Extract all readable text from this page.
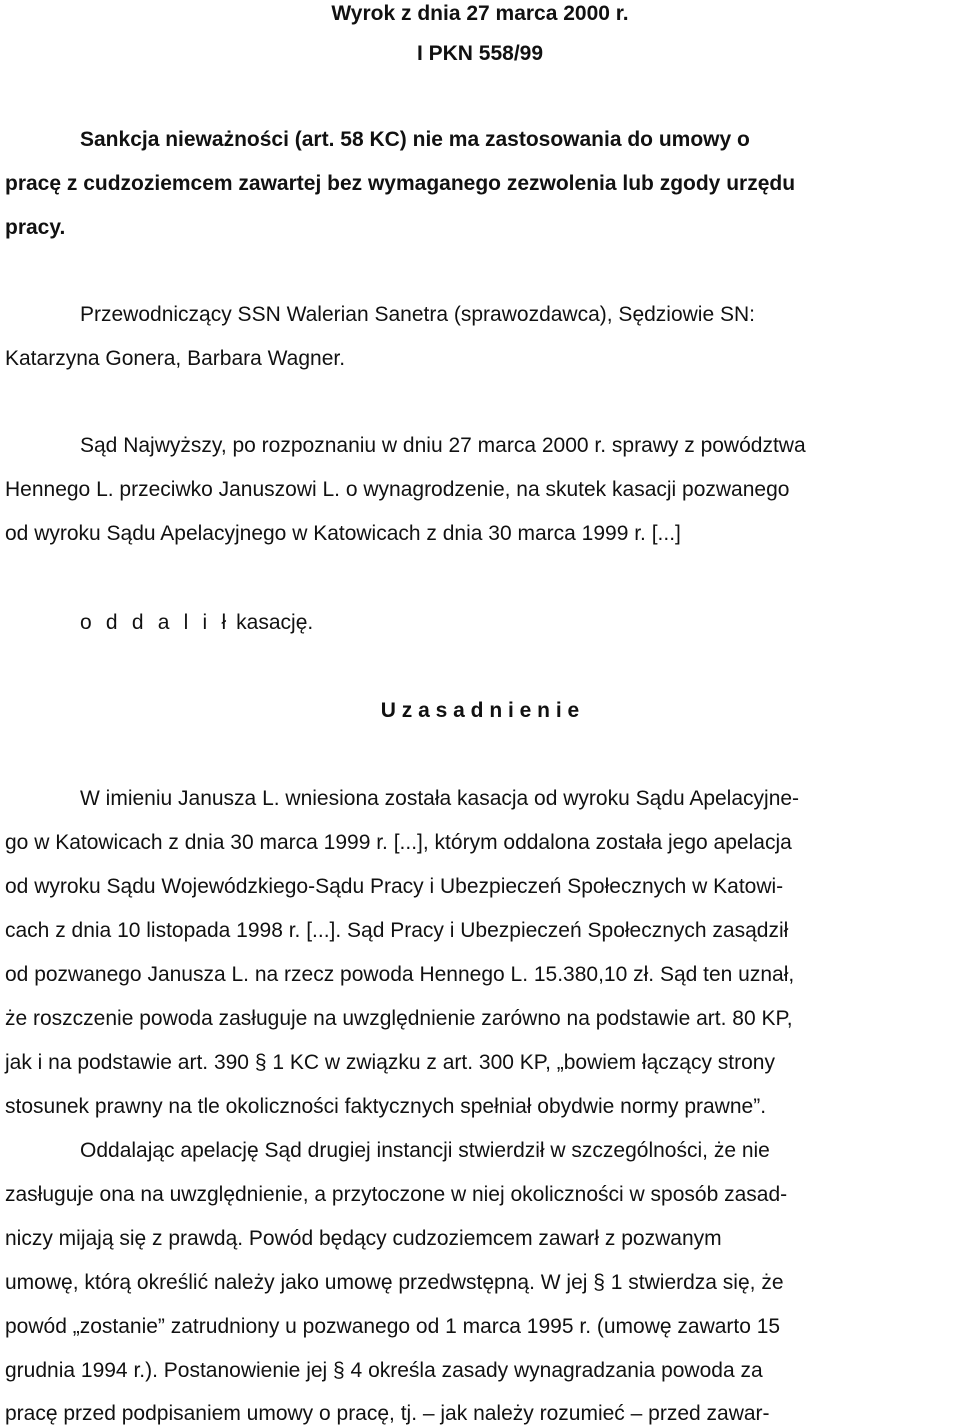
Wyrok z dnia 27 marca 2000 r.
I PKN 558/99
Sankcja nieważności (art. 58 KC) nie ma zastosowania do umowy o
pracę z cudzoziemcem zawartej bez wymaganego zezwolenia lub zgody urzędu
pracy.
Przewodniczący SSN Walerian Sanetra (sprawozdawca), Sędziowie SN:
Katarzyna Gonera, Barbara Wagner.
Sąd Najwyższy, po rozpoznaniu w dniu 27 marca 2000 r. sprawy z powództwa
Hennego L. przeciwko Januszowi L. o wynagrodzenie, na skutek kasacji pozwanego
od wyroku Sądu Apelacyjnego w Katowicach z dnia 30 marca 1999 r. [...]
o d d a l i ł kasację.
U z a s a d n i e n i e
W imieniu Janusza L. wniesiona została kasacja od wyroku Sądu Apelacyjne-
go w Katowicach z dnia 30 marca 1999 r. [...], którym oddalona została jego apelacja
od wyroku Sądu Wojewódzkiego-Sądu Pracy i Ubezpieczeń Społecznych w Katowi-
cach z dnia 10 listopada 1998 r. [...]. Sąd Pracy i Ubezpieczeń Społecznych zasądził
od pozwanego Janusza L. na rzecz powoda Hennego L. 15.380,10 zł. Sąd ten uznał,
że roszczenie powoda zasługuje na uwzględnienie zarówno na podstawie art. 80 KP,
jak i na podstawie art. 390 § 1 KC w związku z art. 300 KP, „bowiem łączący strony
stosunek prawny na tle okoliczności faktycznych spełniał obydwie normy prawne”.
Oddalając apelację Sąd drugiej instancji stwierdził w szczególności, że nie
zasługuje ona na uwzględnienie, a przytoczone w niej okoliczności w sposób zasad-
niczy mijają się z prawdą. Powód będący cudzoziemcem zawarł z pozwanym
umowę, którą określić należy jako umowę przedwstępną. W jej § 1 stwierdza się, że
powód „zostanie” zatrudniony u pozwanego od 1 marca 1995 r. (umowę zawarto 15
grudnia 1994 r.). Postanowienie jej § 4 określa zasady wynagradzania powoda za
pracę przed podpisaniem umowy o pracę, tj. – jak należy rozumieć – przed zawar-
